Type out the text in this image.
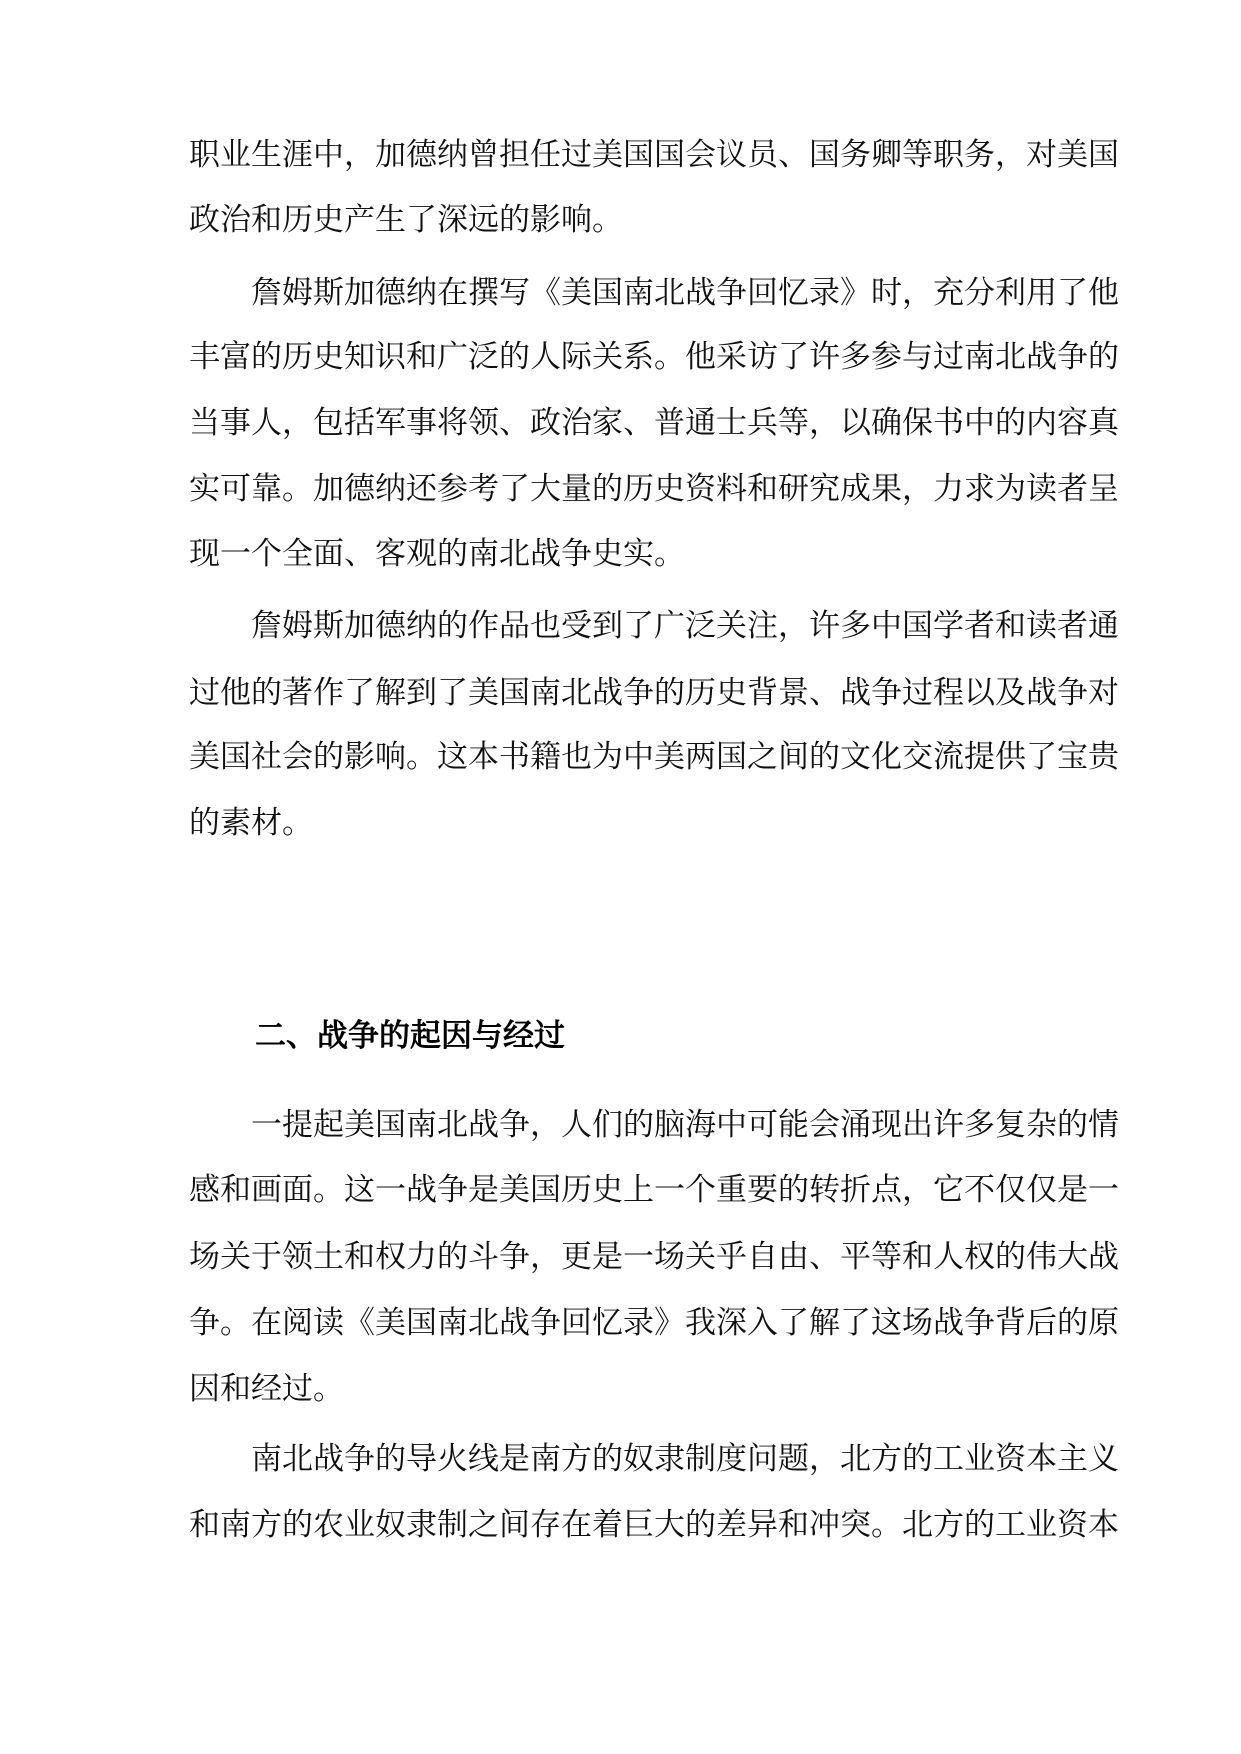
职业生涯中，加德纳曾担任过美国国会议员、国务卿等职务，对美国
政治和历史产生了深远的影响。
詹姆斯加德纳在撰写《美国南北战争回忆录》时，充分利用了他
丰富的历史知识和广泛的人际关系。他采访了许多参与过南北战争的
当事人，包括军事将领、政治家、普通士兵等，以确保书中的内容真
实可靠。加德纳还参考了大量的历史资料和研究成果，力求为读者呈
现一个全面、客观的南北战争史实。
詹姆斯加德纳的作品也受到了广泛关注，许多中国学者和读者通
过他的著作了解到了美国南北战争的历史背景、战争过程以及战争对
美国社会的影响。这本书籍也为中美两国之间的文化交流提供了宝贵
的素材。
二、战争的起因与经过
一提起美国南北战争，人们的脑海中可能会涌现出许多复杂的情
感和画面。这一战争是美国历史上一个重要的转折点，它不仅仅是一
场关于领土和权力的斗争，更是一场关乎自由、平等和人权的伟大战
争。在阅读《美国南北战争回忆录》我深入了解了这场战争背后的原
因和经过。
南北战争的导火线是南方的奴隶制度问题，北方的工业资本主义
和南方的农业奴隶制之间存在着巨大的差异和冲突。北方的工业资本
